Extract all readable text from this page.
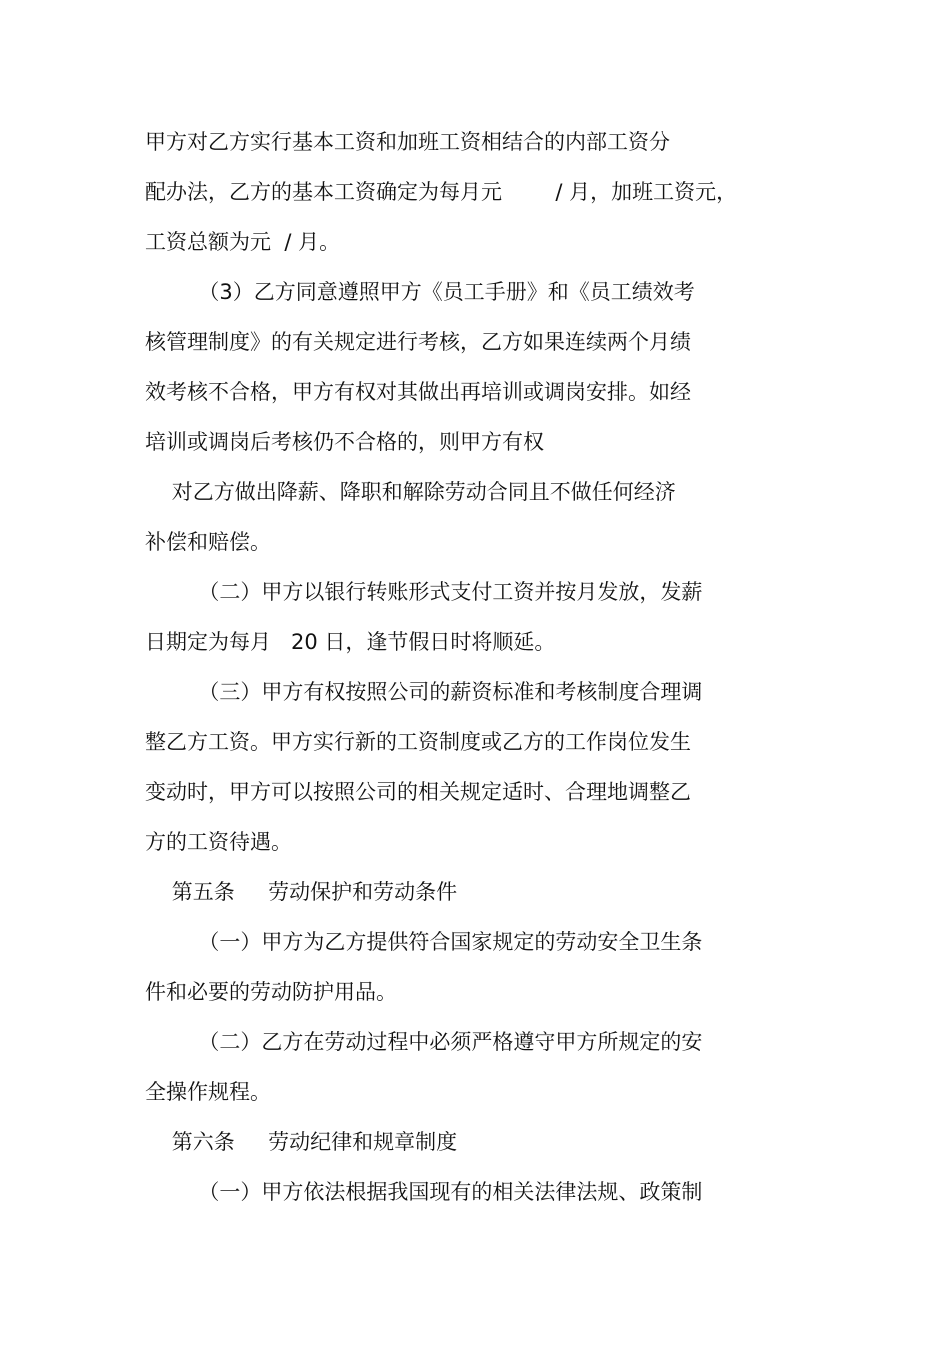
甲方对乙方实行基本工资和加班工资相结合的内部工资分

配办法，乙方的基本工资确定为每月元        / 月，加班工资元，

工资总额为元  / 月。

（3）乙方同意遵照甲方《员工手册》和《员工绩效考

核管理制度》的有关规定进行考核，乙方如果连续两个月绩

效考核不合格，甲方有权对其做出再培训或调岗安排。如经

培训或调岗后考核仍不合格的，则甲方有权

对乙方做出降薪、降职和解除劳动合同且不做任何经济

补偿和赔偿。

（二）甲方以银行转账形式支付工资并按月发放，发薪

日期定为每月   20 日，逢节假日时将顺延。

（三）甲方有权按照公司的薪资标准和考核制度合理调

整乙方工资。甲方实行新的工资制度或乙方的工作岗位发生

变动时，甲方可以按照公司的相关规定适时、合理地调整乙

方的工资待遇。

第五条     劳动保护和劳动条件

（一）甲方为乙方提供符合国家规定的劳动安全卫生条

件和必要的劳动防护用品。

（二）乙方在劳动过程中必须严格遵守甲方所规定的安

全操作规程。

第六条     劳动纪律和规章制度

（一）甲方依法根据我国现有的相关法律法规、政策制
